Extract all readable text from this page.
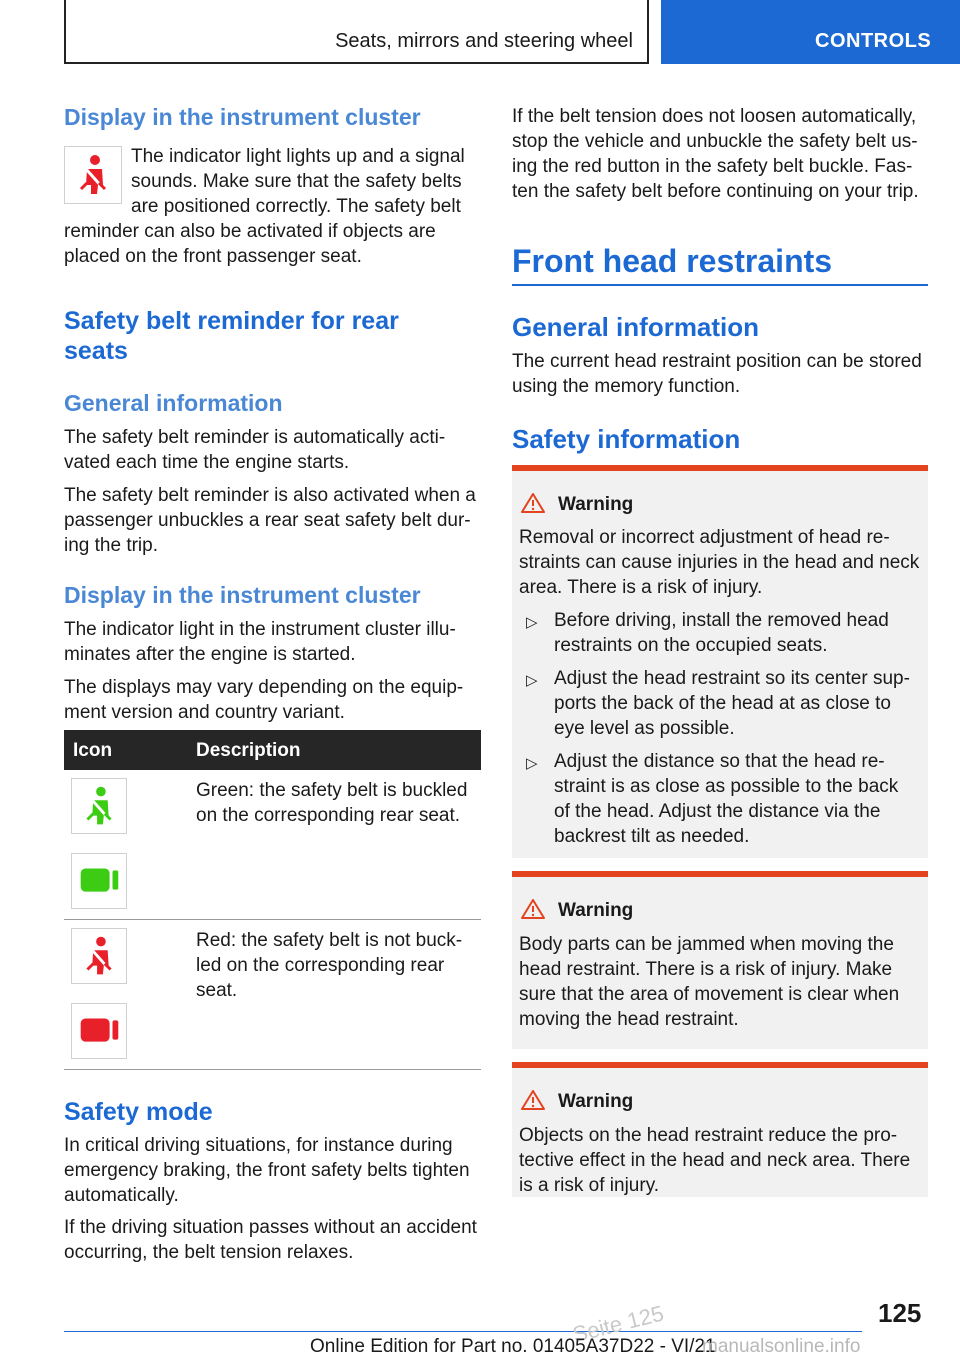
Seats, mirrors and steering wheel	CONTROLS
Display in the instrument cluster
The indicator light lights up and a signal
sounds. Make sure that the safety belts
are positioned correctly. The safety belt
reminder can also be activated if objects are
placed on the front passenger seat.
Safety belt reminder for rear seats
General information
The safety belt reminder is automatically acti‐
vated each time the engine starts.
The safety belt reminder is also activated when a
passenger unbuckles a rear seat safety belt dur‐
ing the trip.
Display in the instrument cluster
The indicator light in the instrument cluster illu‐
minates after the engine is started.
The displays may vary depending on the equip‐
ment version and country variant.
Icon	Description
Green: the safety belt is buckled
on the corresponding rear seat.
Red: the safety belt is not buck‐
led on the corresponding rear
seat.
Safety mode
In critical driving situations, for instance during
emergency braking, the front safety belts tighten
automatically.
If the driving situation passes without an accident
occurring, the belt tension relaxes.
If the belt tension does not loosen automatically,
stop the vehicle and unbuckle the safety belt us‐
ing the red button in the safety belt buckle. Fas‐
ten the safety belt before continuing on your trip.
Front head restraints
General information
The current head restraint position can be stored
using the memory function.
Safety information
Warning
Removal or incorrect adjustment of head re‐
straints can cause injuries in the head and neck
area. There is a risk of injury.
▷ Before driving, install the removed head
restraints on the occupied seats.
▷ Adjust the head restraint so its center sup‐
ports the back of the head at as close to
eye level as possible.
▷ Adjust the distance so that the head re‐
straint is as close as possible to the back
of the head. Adjust the distance via the
backrest tilt as needed.
Warning
Body parts can be jammed when moving the
head restraint. There is a risk of injury. Make
sure that the area of movement is clear when
moving the head restraint.
Warning
Objects on the head restraint reduce the pro‐
tective effect in the head and neck area. There
is a risk of injury.
125
Seite 125
Online Edition for Part no. 01405A37D22 - VI/21
manualsonline.info
